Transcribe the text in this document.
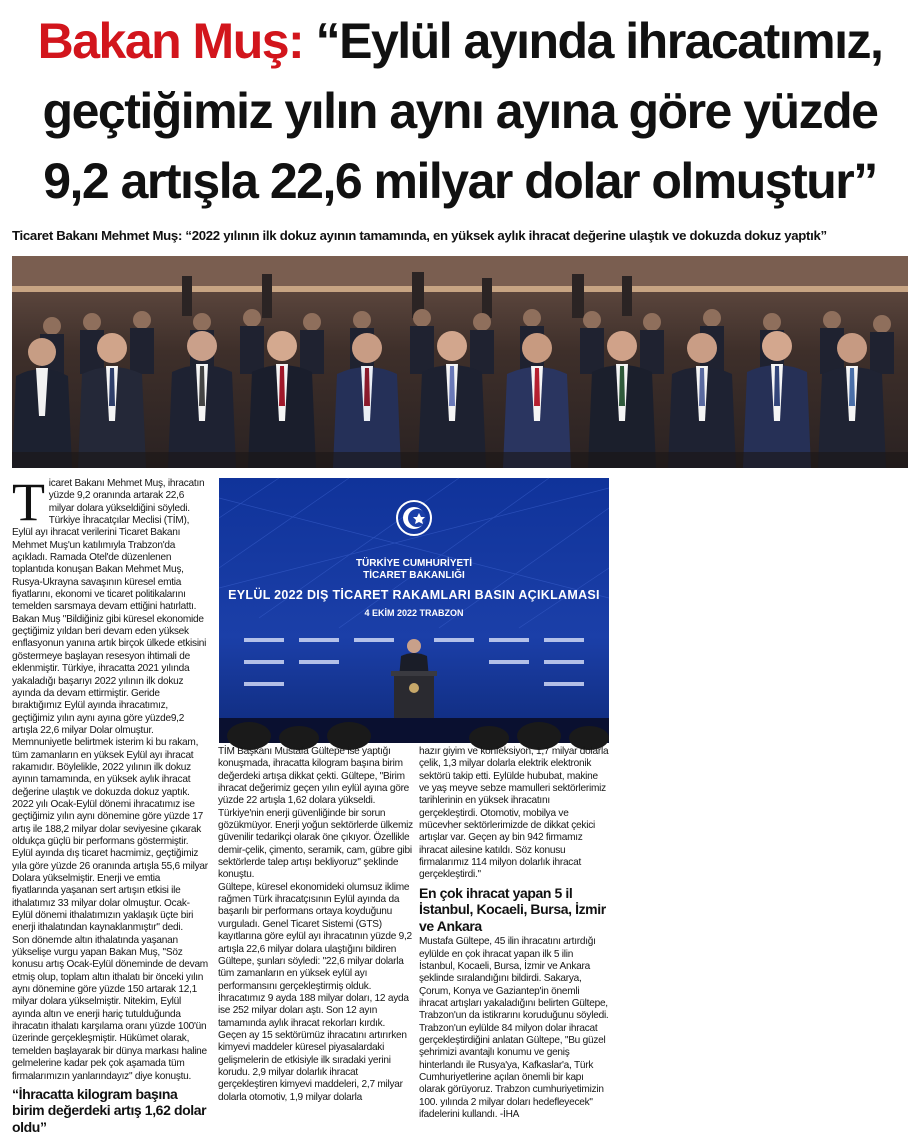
Bakan Muş: “Eylül ayında ihracatımız,
geçtiğimiz yılın aynı ayına göre yüzde
9,2 artışla 22,6 milyar dolar olmuştur”
Ticaret Bakanı Mehmet Muş: “2022 yılının ilk dokuz ayının tamamında, en yüksek aylık ihracat değerine ulaştık ve dokuzda dokuz yaptık”
T icaret Bakanı Mehmet Muş, ihracatın yüzde 9,2 oranında artarak 22,6 milyar dolara yükseldiğini söyledi. Türkiye İhracatçılar Meclisi (TİM), Eylül ayı ihracat verilerini Ticaret Bakanı Mehmet Muş'un katılımıyla Trabzon'da açıkladı. Ramada Otel'de düzenlenen toplantıda konuşan Bakan Mehmet Muş, Rusya-Ukrayna savaşının küresel emtia fiyatlarını, ekonomi ve ticaret politikalarını temelden sarsmaya devam ettiğini hatırlattı. Bakan Muş "Bildiğiniz gibi küresel ekonomide geçtiğimiz yıldan beri devam eden yüksek enflasyonun yanına artık birçok ülkede etkisini göstermeye başlayan resesyon ihtimali de eklenmiştir. Türkiye, ihracatta 2021 yılında yakaladığı başarıyı 2022 yılının ilk dokuz ayında da devam ettirmiştir. Geride bıraktığımız Eylül ayında ihracatımız, geçtiğimiz yılın aynı ayına göre yüzde9,2 artışla 22,6 milyar Dolar olmuştur. Memnuniyetle belirtmek isterim ki bu rakam, tüm zamanların en yüksek Eylül ayı ihracat rakamıdır. Böylelikle, 2022 yılının ilk dokuz ayının tamamında, en yüksek aylık ihracat değerine ulaştık ve dokuzda dokuz yaptık. 2022 yılı Ocak-Eylül dönemi ihracatımız ise geçtiğimiz yılın aynı dönemine göre yüzde 17 artış ile 188,2 milyar dolar seviyesine çıkarak oldukça güçlü bir performans göstermiştir. Eylül ayında dış ticaret hacmimiz, geçtiğimiz yıla göre yüzde 26 oranında artışla 55,6 milyar Dolara yükselmiştir. Enerji ve emtia fiyatlarında yaşanan sert artışın etkisi ile ithalatımız 33 milyar dolar olmuştur. Ocak-Eylül dönemi ithalatımızın yaklaşık üçte biri enerji ithalatından kaynaklanmıştır" dedi.

Son dönemde altın ithalatında yaşanan yükselişe vurgu yapan Bakan Muş, "Söz konusu artış Ocak-Eylül döneminde de devam etmiş olup, toplam altın ithalatı bir önceki yılın aynı dönemine göre yüzde 150 artarak 12,1 milyar dolara yükselmiştir. Nitekim, Eylül ayında altın ve enerji hariç tutulduğunda ihracatın ithalatı karşılama oranı yüzde 100'ün üzerinde gerçekleşmiştir. Hükümet olarak, temelden başlayarak bir dünya markası haline gelmelerine kadar pek çok aşamada tüm firmalarımızın yanlarındayız" diye konuştu.

“İhracatta kilogram başına birim değerdeki artış 1,62 dolar oldu”
TÜRKİYE CUMHURİYETİ
TİCARET BAKANLIĞI
EYLÜL 2022 DIŞ TİCARET RAKAMLARI BASIN AÇIKLAMASI
4 EKİM 2022 TRABZON

TİM Başkanı Mustafa Gültepe ise yaptığı konuşmada, ihracatta kilogram başına birim değerdeki artışa dikkat çekti. Gültepe, "Birim ihracat değerimiz geçen yılın eylül ayına göre yüzde 22 artışla 1,62 dolara yükseldi. Türkiye'nin enerji güvenliğinde bir sorun gözükmüyor. Enerji yoğun sektörlerde ülkemiz güvenilir tedarikçi olarak öne çıkıyor. Özellikle demir-çelik, çimento, seramik, cam, gübre gibi sektörlerde talep artışı bekliyoruz" şeklinde konuştu.

Gültepe, küresel ekonomideki olumsuz iklime rağmen Türk ihracatçısının Eylül ayında da başarılı bir performans ortaya koyduğunu vurguladı. Genel Ticaret Sistemi (GTS) kayıtlarına göre eylül ayı ihracatının yüzde 9,2 artışla 22,6 milyar dolara ulaştığını bildiren Gültepe, şunları söyledi: "22,6 milyar dolarla tüm zamanların en yüksek eylül ayı performansını gerçekleştirmiş olduk. İhracatımız 9 ayda 188 milyar doları, 12 ayda ise 252 milyar doları aştı. Son 12 ayın tamamında aylık ihracat rekorları kırdık. Geçen ay 15 sektörümüz ihracatını artırırken kimyevi maddeler küresel piyasalardaki gelişmelerin de etkisiyle ilk sıradaki yerini korudu. 2,9 milyar dolarlık ihracat gerçekleştiren kimyevi maddeleri, 2,7 milyar dolarla otomotiv, 1,9 milyar dolarla

hazır giyim ve konfeksiyon, 1,7 milyar dolarla çelik, 1,3 milyar dolarla elektrik elektronik sektörü takip etti. Eylülde hububat, makine ve yaş meyve sebze mamulleri sektörlerimiz tarihlerinin en yüksek ihracatını gerçekleştirdi. Otomotiv, mobilya ve mücevher sektörlerimizde de dikkat çekici artışlar var. Geçen ay bin 942 firmamız ihracat ailesine katıldı. Söz konusu firmalarımız 114 milyon dolarlık ihracat gerçekleştirdi."

En çok ihracat yapan 5 il İstanbul, Kocaeli, Bursa, İzmir ve Ankara

Mustafa Gültepe, 45 ilin ihracatını artırdığı eylülde en çok ihracat yapan ilk 5 ilin İstanbul, Kocaeli, Bursa, İzmir ve Ankara şeklinde sıralandığını bildirdi. Sakarya, Çorum, Konya ve Gaziantep'in önemli ihracat artışları yakaladığını belirten Gültepe, Trabzon'un da istikrarını koruduğunu söyledi. Trabzon'un eylülde 84 milyon dolar ihracat gerçekleştirdiğini anlatan Gültepe, "Bu güzel şehrimizi avantajlı konumu ve geniş hinterlandı ile Rusya'ya, Kafkaslar'a, Türk Cumhuriyetlerine açılan önemli bir kapı olarak görüyoruz. Trabzon cumhuriyetimizin 100. yılında 2 milyar doları hedefleyecek" ifadelerini kullandı. -İHA
